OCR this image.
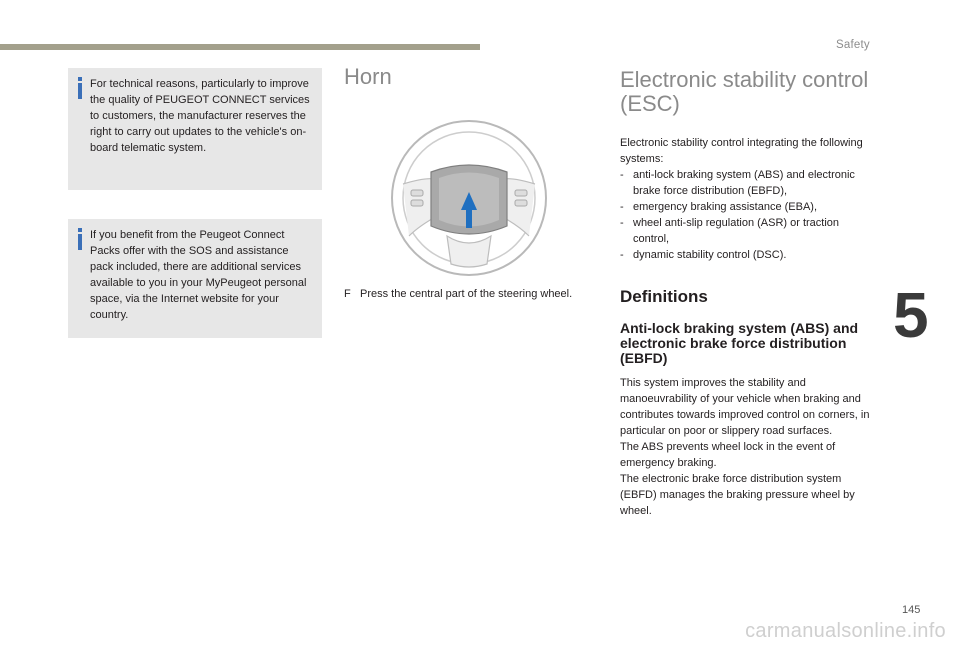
Safety

For technical reasons, particularly to improve the quality of PEUGEOT CONNECT services to customers, the manufacturer reserves the right to carry out updates to the vehicle's on-board telematic system.

If you benefit from the Peugeot Connect Packs offer with the SOS and assistance pack included, there are additional services available to you in your MyPeugeot personal space, via the Internet website for your country.

Horn
F Press the central part of the steering wheel.
Electronic stability control (ESC)

Electronic stability control integrating the following systems:

- anti-lock braking system (ABS) and electronic brake force distribution (EBFD),
- emergency braking assistance (EBA),
- wheel anti-slip regulation (ASR) or traction control,
- dynamic stability control (DSC).
Definitions
Anti-lock braking system (ABS) and electronic brake force distribution (EBFD)

This system improves the stability and manoeuvrability of your vehicle when braking and contributes towards improved control on corners, in particular on poor or slippery road surfaces.

The ABS prevents wheel lock in the event of emergency braking.

The electronic brake force distribution system (EBFD) manages the braking pressure wheel by wheel.

5
145
carmanualsonline.info
